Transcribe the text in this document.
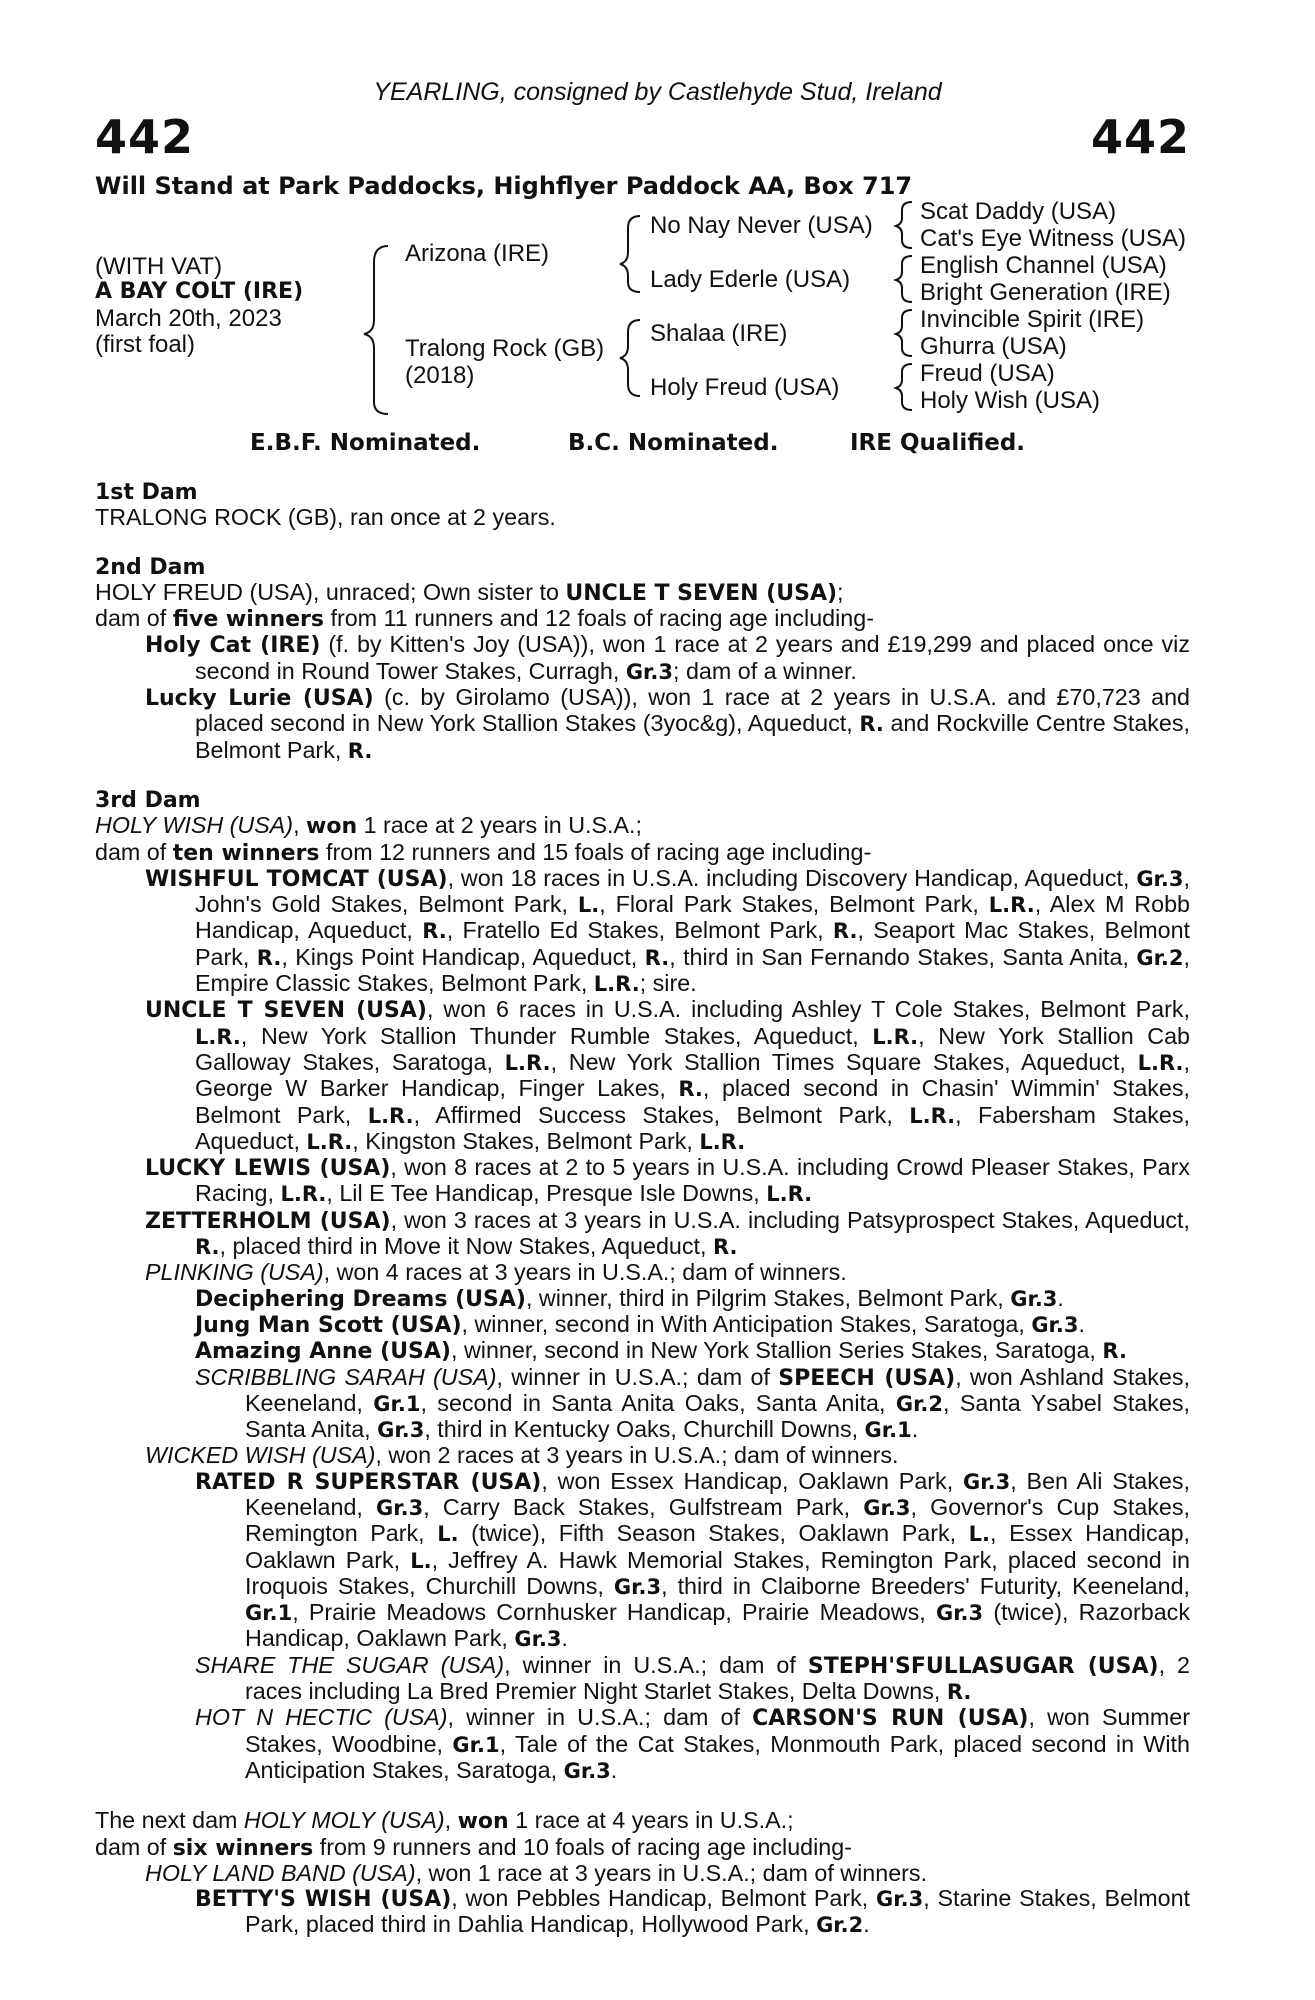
YEARLING, consigned by Castlehyde Stud, Ireland
442	442
Will Stand at Park Paddocks, Highflyer Paddock AA, Box 717
(WITH VAT)
A BAY COLT (IRE)
March 20th, 2023
(first foal)
Arizona (IRE)
Tralong Rock (GB)
(2018)
No Nay Never (USA)
Lady Ederle (USA)
Shalaa (IRE)
Holy Freud (USA)
Scat Daddy (USA)
Cat's Eye Witness (USA)
English Channel (USA)
Bright Generation (IRE)
Invincible Spirit (IRE)
Ghurra (USA)
Freud (USA)
Holy Wish (USA)
E.B.F. Nominated.	B.C. Nominated.	IRE Qualified.
1st Dam
TRALONG ROCK (GB), ran once at 2 years.
2nd Dam
HOLY FREUD (USA), unraced; Own sister to UNCLE T SEVEN (USA);
dam of five winners from 11 runners and 12 foals of racing age including-
Holy Cat (IRE) (f. by Kitten's Joy (USA)), won 1 race at 2 years and £19,299 and placed once viz second in Round Tower Stakes, Curragh, Gr.3; dam of a winner.
Lucky Lurie (USA) (c. by Girolamo (USA)), won 1 race at 2 years in U.S.A. and £70,723 and placed second in New York Stallion Stakes (3yoc&g), Aqueduct, R. and Rockville Centre Stakes, Belmont Park, R.
3rd Dam
HOLY WISH (USA), won 1 race at 2 years in U.S.A.;
dam of ten winners from 12 runners and 15 foals of racing age including-
WISHFUL TOMCAT (USA), won 18 races in U.S.A. including Discovery Handicap, Aqueduct, Gr.3, John's Gold Stakes, Belmont Park, L., Floral Park Stakes, Belmont Park, L.R., Alex M Robb Handicap, Aqueduct, R., Fratello Ed Stakes, Belmont Park, R., Seaport Mac Stakes, Belmont Park, R., Kings Point Handicap, Aqueduct, R., third in San Fernando Stakes, Santa Anita, Gr.2, Empire Classic Stakes, Belmont Park, L.R.; sire.
UNCLE T SEVEN (USA), won 6 races in U.S.A. including Ashley T Cole Stakes, Belmont Park, L.R., New York Stallion Thunder Rumble Stakes, Aqueduct, L.R., New York Stallion Cab Galloway Stakes, Saratoga, L.R., New York Stallion Times Square Stakes, Aqueduct, L.R., George W Barker Handicap, Finger Lakes, R., placed second in Chasin' Wimmin' Stakes, Belmont Park, L.R., Affirmed Success Stakes, Belmont Park, L.R., Fabersham Stakes, Aqueduct, L.R., Kingston Stakes, Belmont Park, L.R.
LUCKY LEWIS (USA), won 8 races at 2 to 5 years in U.S.A. including Crowd Pleaser Stakes, Parx Racing, L.R., Lil E Tee Handicap, Presque Isle Downs, L.R.
ZETTERHOLM (USA), won 3 races at 3 years in U.S.A. including Patsyprospect Stakes, Aqueduct, R., placed third in Move it Now Stakes, Aqueduct, R.
PLINKING (USA), won 4 races at 3 years in U.S.A.; dam of winners.
Deciphering Dreams (USA), winner, third in Pilgrim Stakes, Belmont Park, Gr.3.
Jung Man Scott (USA), winner, second in With Anticipation Stakes, Saratoga, Gr.3.
Amazing Anne (USA), winner, second in New York Stallion Series Stakes, Saratoga, R.
SCRIBBLING SARAH (USA), winner in U.S.A.; dam of SPEECH (USA), won Ashland Stakes, Keeneland, Gr.1, second in Santa Anita Oaks, Santa Anita, Gr.2, Santa Ysabel Stakes, Santa Anita, Gr.3, third in Kentucky Oaks, Churchill Downs, Gr.1.
WICKED WISH (USA), won 2 races at 3 years in U.S.A.; dam of winners.
RATED R SUPERSTAR (USA), won Essex Handicap, Oaklawn Park, Gr.3, Ben Ali Stakes, Keeneland, Gr.3, Carry Back Stakes, Gulfstream Park, Gr.3, Governor's Cup Stakes, Remington Park, L. (twice), Fifth Season Stakes, Oaklawn Park, L., Essex Handicap, Oaklawn Park, L., Jeffrey A. Hawk Memorial Stakes, Remington Park, placed second in Iroquois Stakes, Churchill Downs, Gr.3, third in Claiborne Breeders' Futurity, Keeneland, Gr.1, Prairie Meadows Cornhusker Handicap, Prairie Meadows, Gr.3 (twice), Razorback Handicap, Oaklawn Park, Gr.3.
SHARE THE SUGAR (USA), winner in U.S.A.; dam of STEPH'SFULLASUGAR (USA), 2 races including La Bred Premier Night Starlet Stakes, Delta Downs, R.
HOT N HECTIC (USA), winner in U.S.A.; dam of CARSON'S RUN (USA), won Summer Stakes, Woodbine, Gr.1, Tale of the Cat Stakes, Monmouth Park, placed second in With Anticipation Stakes, Saratoga, Gr.3.
The next dam HOLY MOLY (USA), won 1 race at 4 years in U.S.A.;
dam of six winners from 9 runners and 10 foals of racing age including-
HOLY LAND BAND (USA), won 1 race at 3 years in U.S.A.; dam of winners.
BETTY'S WISH (USA), won Pebbles Handicap, Belmont Park, Gr.3, Starine Stakes, Belmont Park, placed third in Dahlia Handicap, Hollywood Park, Gr.2.
